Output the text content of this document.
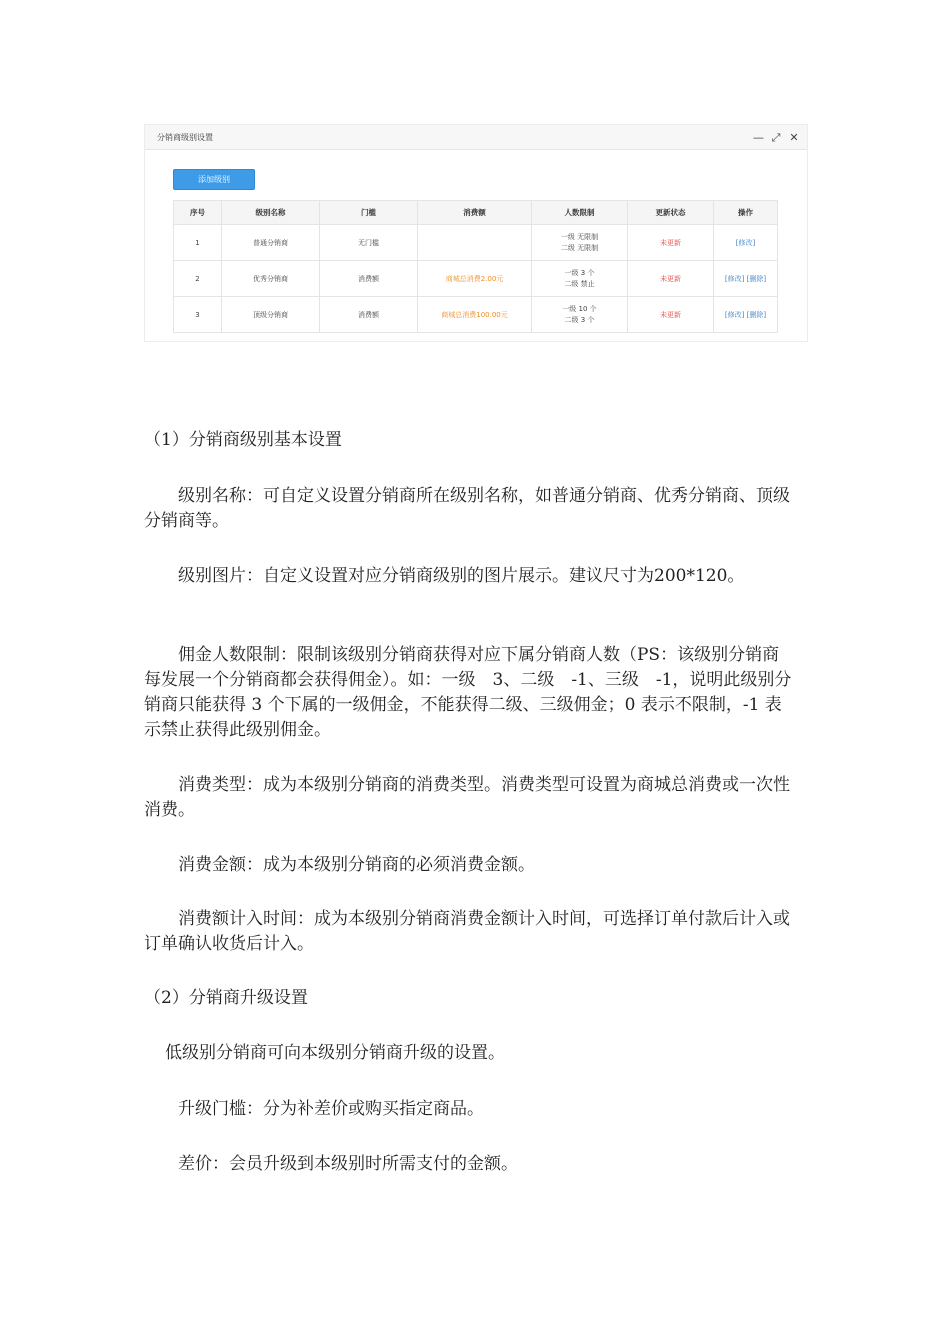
分销商级别设置	— ⤢ ✕
添加级别
序号	级别名称	门槛	消费额	人数限制	更新状态	操作
1	普通分销商	无门槛		一级 无限制
二级 无限制	未更新	[修改]
2	优秀分销商	消费额	商城总消费2.00元	一级 3 个
二级 禁止	未更新	[修改] [删除]
3	顶级分销商	消费额	商城总消费100.00元	一级 10 个
二级 3 个	未更新	[修改] [删除]

（1）分销商级别基本设置

级别名称：可自定义设置分销商所在级别名称，如普通分销商、优秀分销商、顶级分销商等。

级别图片：自定义设置对应分销商级别的图片展示。建议尺寸为200*120。

佣金人数限制：限制该级别分销商获得对应下属分销商人数（PS：该级别分销商每发展一个分销商都会获得佣金）。如：一级　3、二级　-1、三级　-1，说明此级别分销商只能获得 3 个下属的一级佣金，不能获得二级、三级佣金；0 表示不限制，-1 表示禁止获得此级别佣金。

消费类型：成为本级别分销商的消费类型。消费类型可设置为商城总消费或一次性消费。

消费金额：成为本级别分销商的必须消费金额。

消费额计入时间：成为本级别分销商消费金额计入时间，可选择订单付款后计入或订单确认收货后计入。

（2）分销商升级设置

低级别分销商可向本级别分销商升级的设置。

升级门槛：分为补差价或购买指定商品。

差价：会员升级到本级别时所需支付的金额。
